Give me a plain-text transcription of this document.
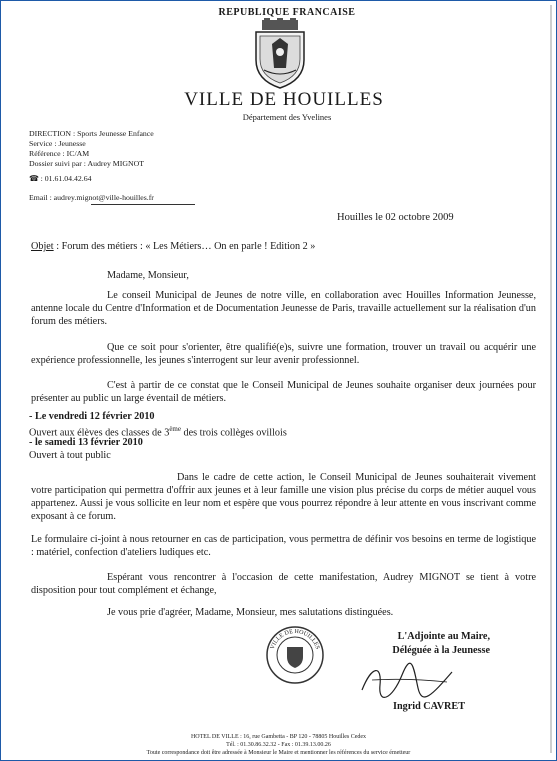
REPUBLIQUE FRANCAISE
VILLE DE HOUILLES
Département des Yvelines
DIRECTION : Sports Jeunesse Enfance
Service : Jeunesse
Référence : IC/AM
Dossier suivi par : Audrey MIGNOT
☎ : 01.61.04.42.64
Email : audrey.mignot@ville-houilles.fr
Houilles le 02 octobre 2009
Objet : Forum des métiers : « Les Métiers… On en parle ! Edition 2 »
Madame, Monsieur,
Le conseil Municipal de Jeunes de notre ville, en collaboration avec Houilles Information Jeunesse, antenne locale du Centre d'Information et de Documentation Jeunesse de Paris, travaille actuellement sur la réalisation d'un forum des métiers.
Que ce soit pour s'orienter, être qualifié(e)s, suivre une formation, trouver un travail ou acquérir une expérience professionnelle, les jeunes s'interrogent sur leur avenir professionnel.
C'est à partir de ce constat que le Conseil Municipal de Jeunes souhaite organiser deux journées pour présenter au public un large éventail de métiers.
- Le vendredi 12 février 2010
Ouvert aux élèves des classes de 3ème des trois collèges ovillois
- le samedi 13 février 2010
Ouvert à tout public
Dans le cadre de cette action, le Conseil Municipal de Jeunes souhaiterait vivement votre participation qui permettra d'offrir aux jeunes et à leur famille une vision plus précise du corps de métier auquel vous appartenez. Aussi je vous sollicite en leur nom et espère que vous pourrez répondre à leur attente en vous inscrivant comme exposant à ce forum.
Le formulaire ci-joint à nous retourner en cas de participation, vous permettra de définir vos besoins en terme de logistique : matériel, confection d'ateliers ludiques etc.
Espérant vous rencontrer à l'occasion de cette manifestation, Audrey MIGNOT se tient à votre disposition pour tout complément et échange,
Je vous prie d'agréer, Madame, Monsieur, mes salutations distinguées.
L'Adjointe au Maire,
Déléguée à la Jeunesse
VILLE DE HOUILLES
Ingrid CAVRET
HOTEL DE VILLE : 16, rue Gambetta - BP 120 - 78805 Houilles Cedex
Tél. : 01.30.86.32.32 - Fax : 01.39.13.00.26
Toute correspondance doit être adressée à Monsieur le Maire et mentionner les références du service émetteur
